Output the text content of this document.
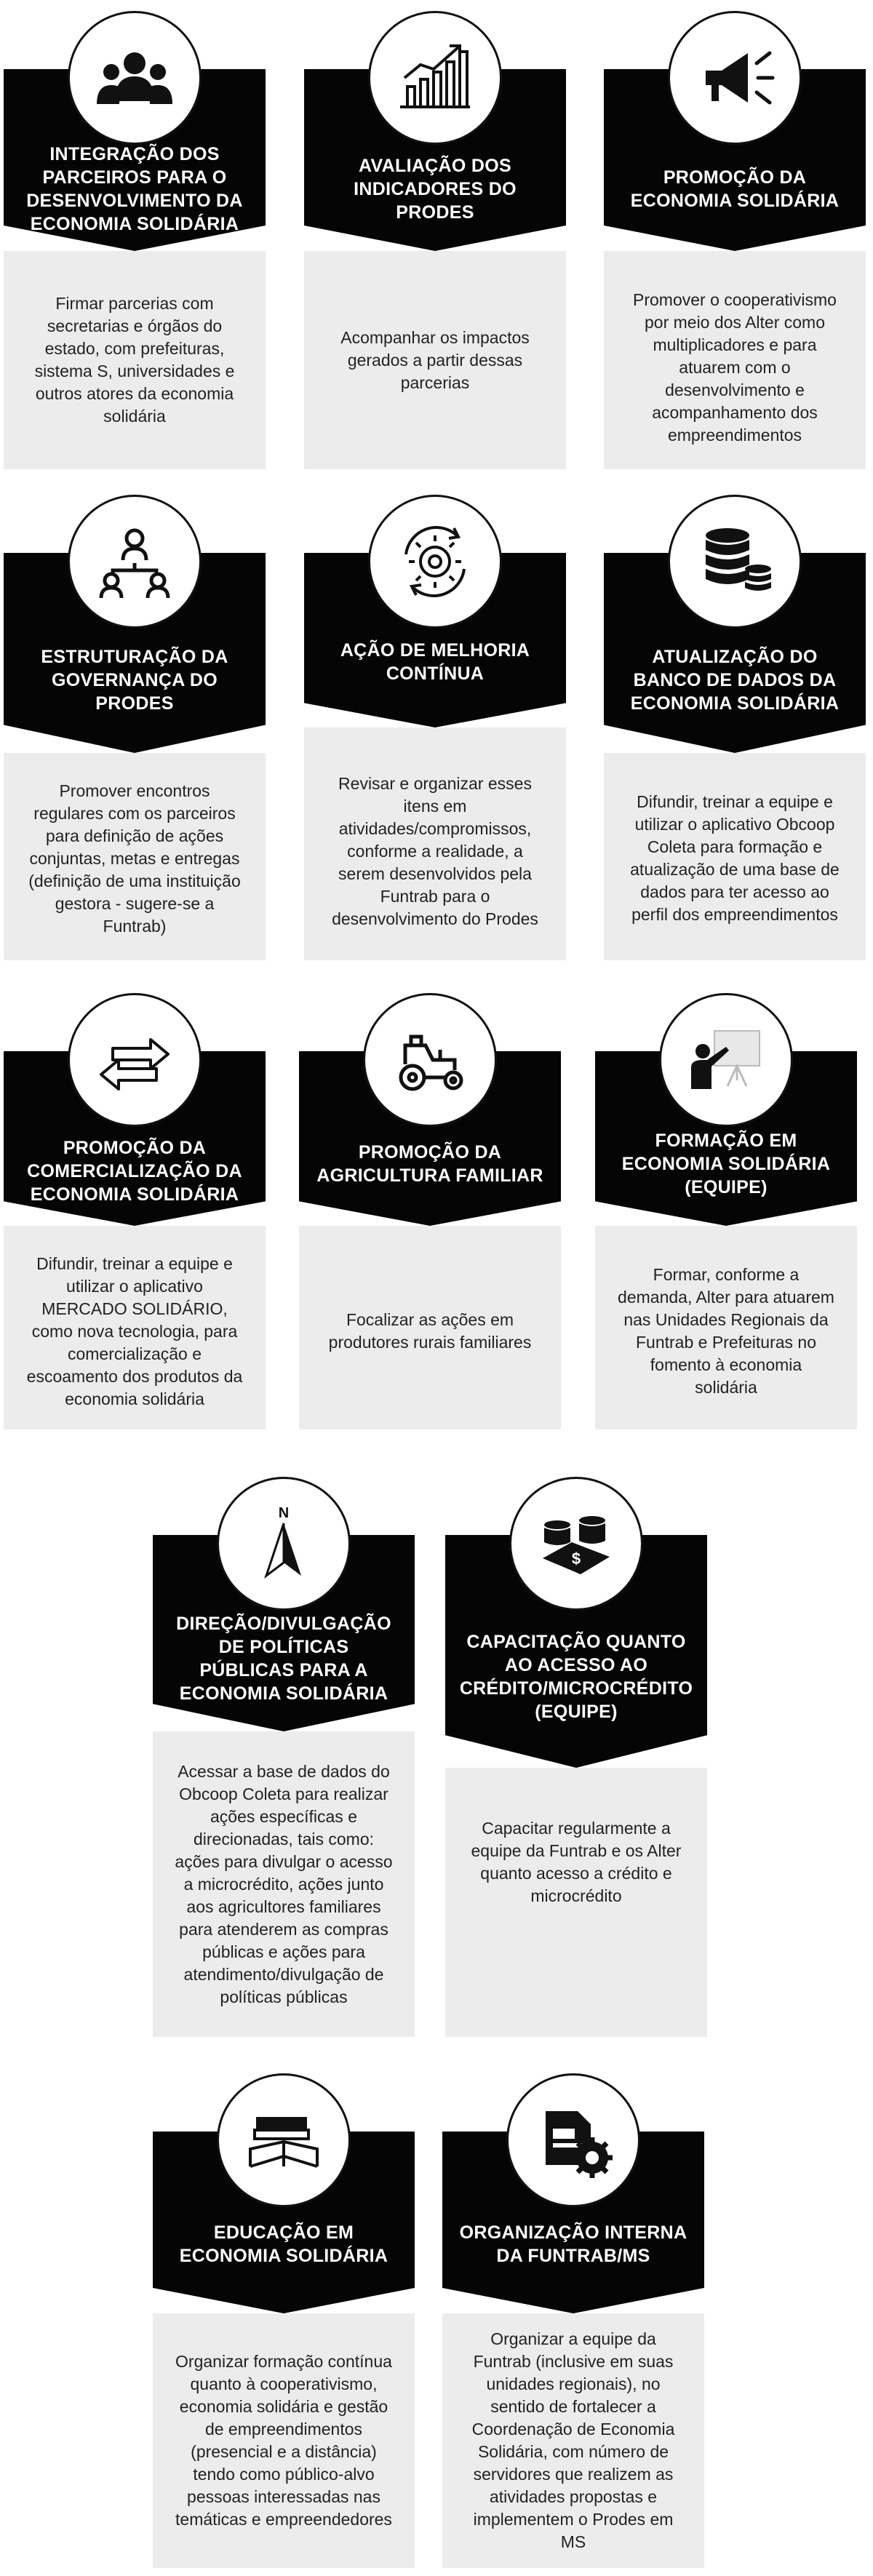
INTEGRAÇÃO DOS PARCEIROS PARA O DESENVOLVIMENTO DA ECONOMIA SOLIDÁRIA
Firmar parcerias com secretarias e órgãos do estado, com prefeituras, sistema S, universidades e outros atores da economia solidária
AVALIAÇÃO DOS INDICADORES DO PRODES
Acompanhar os impactos gerados a partir dessas parcerias
PROMOÇÃO DA ECONOMIA SOLIDÁRIA
Promover o cooperativismo por meio dos Alter como multiplicadores e para atuarem com o desenvolvimento e acompanhamento dos empreendimentos
ESTRUTURAÇÃO DA GOVERNANÇA DO PRODES
Promover encontros regulares com os parceiros para definição de ações conjuntas, metas e entregas (definição de uma instituição gestora - sugere-se a Funtrab)
AÇÃO DE MELHORIA CONTÍNUA
Revisar e organizar esses itens em atividades/compromissos, conforme a realidade, a serem desenvolvidos pela Funtrab para o desenvolvimento do Prodes
ATUALIZAÇÃO DO BANCO DE DADOS DA ECONOMIA SOLIDÁRIA
Difundir, treinar a equipe e utilizar o aplicativo Obcoop Coleta para formação e atualização de uma base de dados para ter acesso ao perfil dos empreendimentos
PROMOÇÃO DA COMERCIALIZAÇÃO DA ECONOMIA SOLIDÁRIA
Difundir, treinar a equipe e utilizar o aplicativo MERCADO SOLIDÁRIO, como nova tecnologia, para comercialização e escoamento dos produtos da economia solidária
PROMOÇÃO DA AGRICULTURA FAMILIAR
Focalizar as ações em produtores rurais familiares
FORMAÇÃO EM ECONOMIA SOLIDÁRIA (EQUIPE)
Formar, conforme a demanda, Alter para atuarem nas Unidades Regionais da Funtrab e Prefeituras no fomento à economia solidária
N
DIREÇÃO/DIVULGAÇÃO DE POLÍTICAS PÚBLICAS PARA A ECONOMIA SOLIDÁRIA
Acessar a base de dados do Obcoop Coleta para realizar ações específicas e direcionadas, tais como: ações para divulgar o acesso a microcrédito, ações junto aos agricultores familiares para atenderem as compras públicas e ações para atendimento/divulgação de políticas públicas
$
CAPACITAÇÃO QUANTO AO ACESSO AO CRÉDITO/MICROCRÉDITO (EQUIPE)
Capacitar regularmente a equipe da Funtrab e os Alter quanto acesso a crédito e microcrédito
EDUCAÇÃO EM ECONOMIA SOLIDÁRIA
Organizar formação contínua quanto à cooperativismo, economia solidária e gestão de empreendimentos (presencial e a distância) tendo como público-alvo pessoas interessadas nas temáticas e empreendedores
ORGANIZAÇÃO INTERNA DA FUNTRAB/MS
Organizar a equipe da Funtrab (inclusive em suas unidades regionais), no sentido de fortalecer a Coordenação de Economia Solidária, com número de servidores que realizem as atividades propostas e implementem o Prodes em MS
